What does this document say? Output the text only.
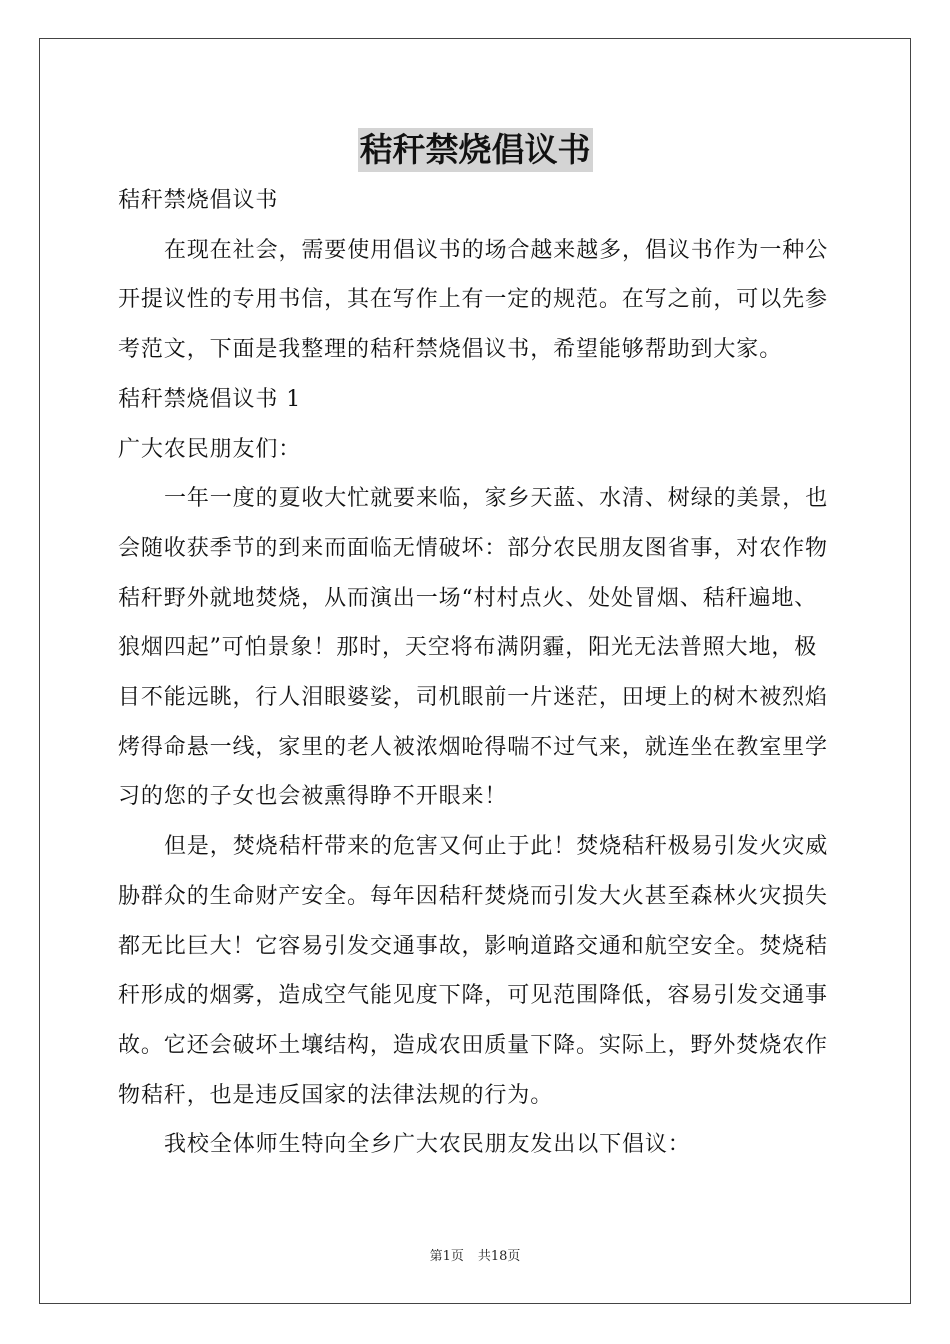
秸秆禁烧倡议书

秸秆禁烧倡议书

在现在社会，需要使用倡议书的场合越来越多，倡议书作为一种公开提议性的专用书信，其在写作上有一定的规范。在写之前，可以先参考范文，下面是我整理的秸秆禁烧倡议书，希望能够帮助到大家。

秸秆禁烧倡议书 1

广大农民朋友们：

一年一度的夏收大忙就要来临，家乡天蓝、水清、树绿的美景，也会随收获季节的到来而面临无情破坏：部分农民朋友图省事，对农作物秸秆野外就地焚烧，从而演出一场“村村点火、处处冒烟、秸秆遍地、狼烟四起”可怕景象！那时，天空将布满阴霾，阳光无法普照大地，极目不能远眺，行人泪眼婆娑，司机眼前一片迷茫，田埂上的树木被烈焰烤得命悬一线，家里的老人被浓烟呛得喘不过气来，就连坐在教室里学习的您的子女也会被熏得睁不开眼来！

但是，焚烧秸杆带来的危害又何止于此！焚烧秸秆极易引发火灾威胁群众的生命财产安全。每年因秸秆焚烧而引发大火甚至森林火灾损失都无比巨大！它容易引发交通事故，影响道路交通和航空安全。焚烧秸秆形成的烟雾，造成空气能见度下降，可见范围降低，容易引发交通事故。它还会破坏土壤结构，造成农田质量下降。实际上，野外焚烧农作物秸秆，也是违反国家的法律法规的行为。

我校全体师生特向全乡广大农民朋友发出以下倡议：

第1页 共18页
